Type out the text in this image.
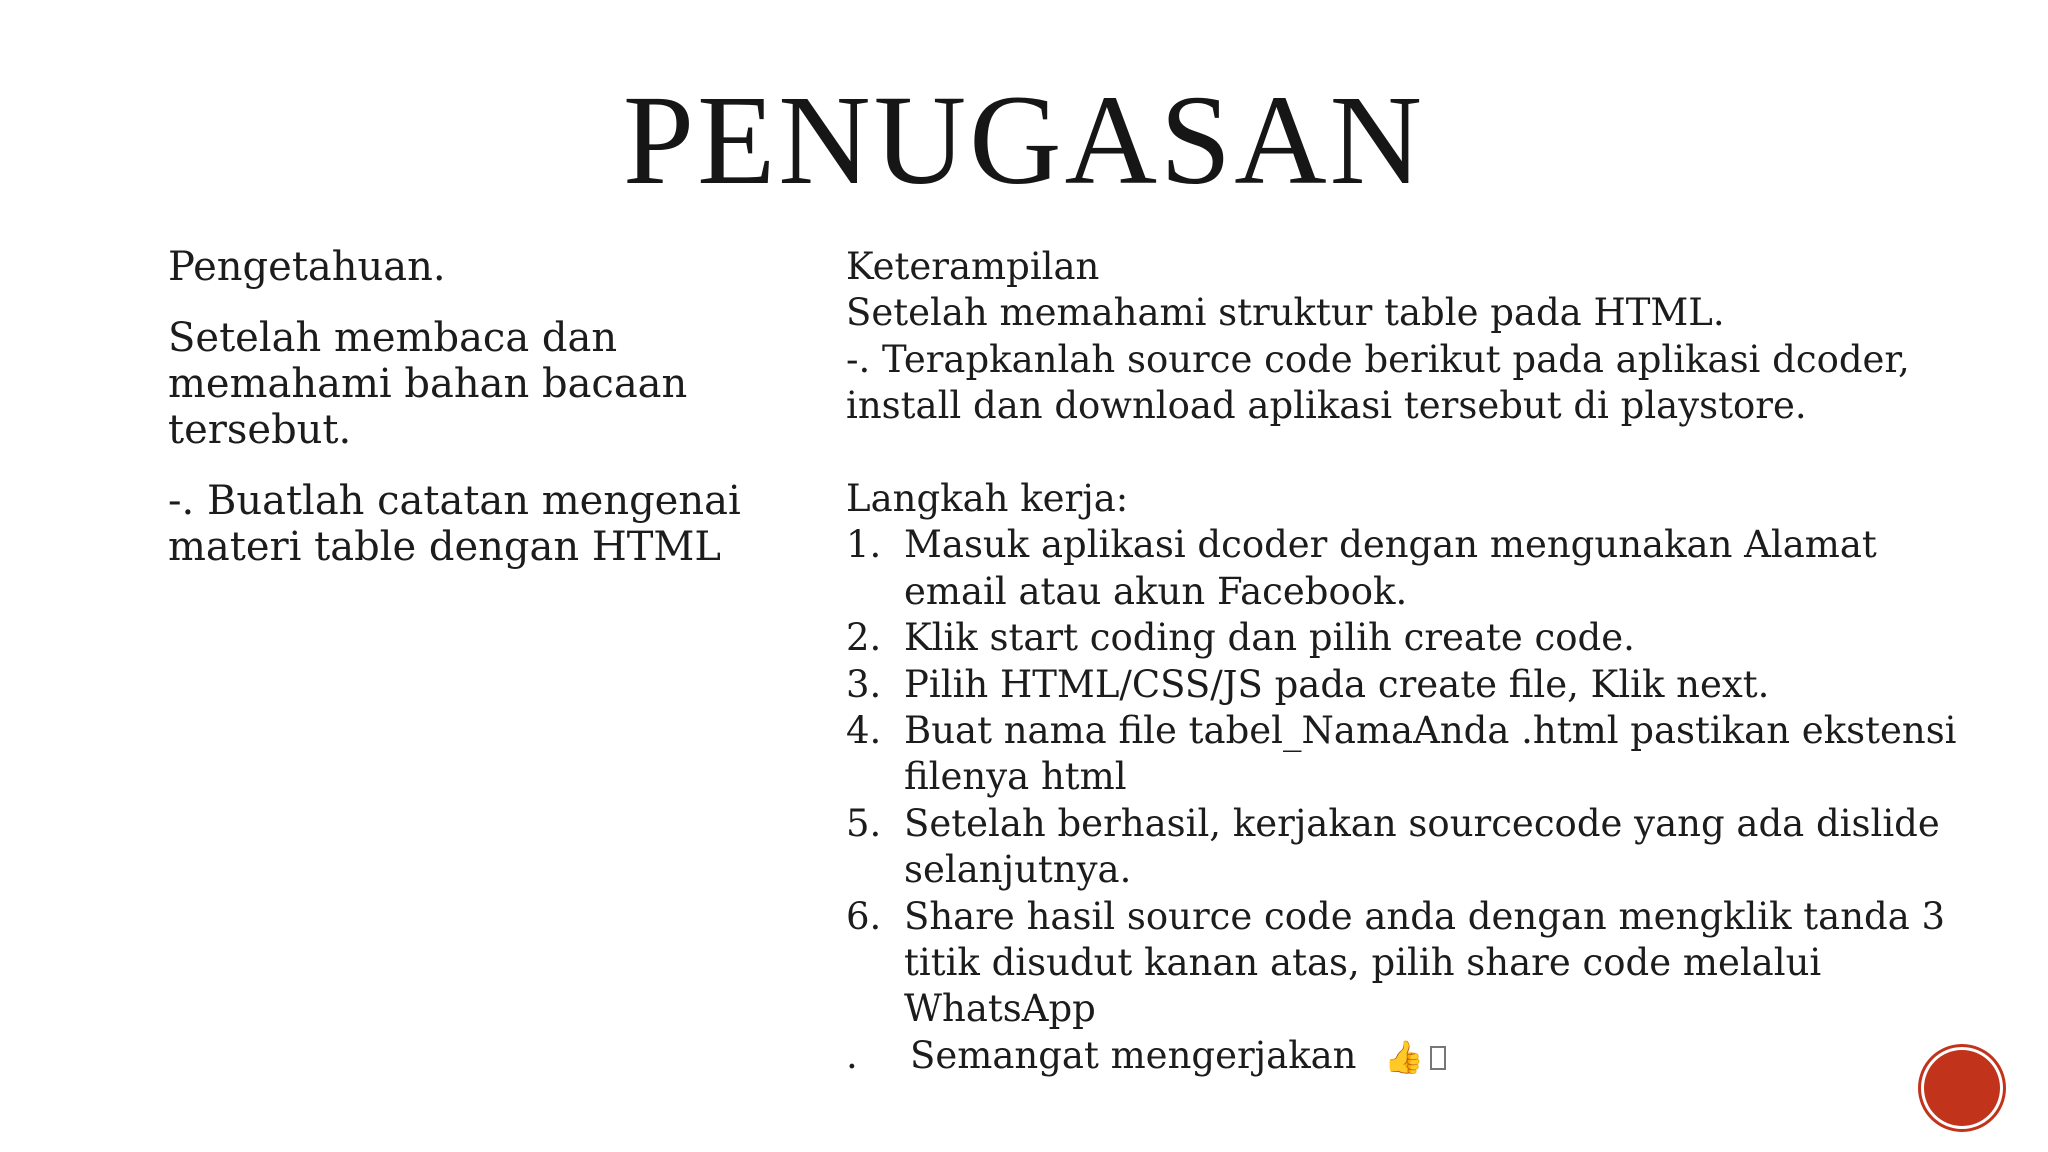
PENUGASAN

Pengetahuan.

Setelah membaca dan memahami bahan bacaan tersebut.

-. Buatlah catatan mengenai materi table dengan HTML

Keterampilan
Setelah memahami struktur table pada HTML.
-. Terapkanlah source code berikut pada aplikasi dcoder,
install dan download aplikasi tersebut di playstore.
Langkah kerja:
1. Masuk aplikasi dcoder dengan mengunakan Alamat email atau akun Facebook.
2. Klik start coding dan pilih create code.
3. Pilih HTML/CSS/JS pada create file, Klik next.
4. Buat nama file tabel_NamaAnda .html pastikan ekstensi filenya html
5. Setelah berhasil, kerjakan sourcecode yang ada dislide selanjutnya.
6. Share hasil source code anda dengan mengklik tanda 3 titik disudut kanan atas, pilih share code melalui WhatsApp
. Semangat mengerjakan 👍
